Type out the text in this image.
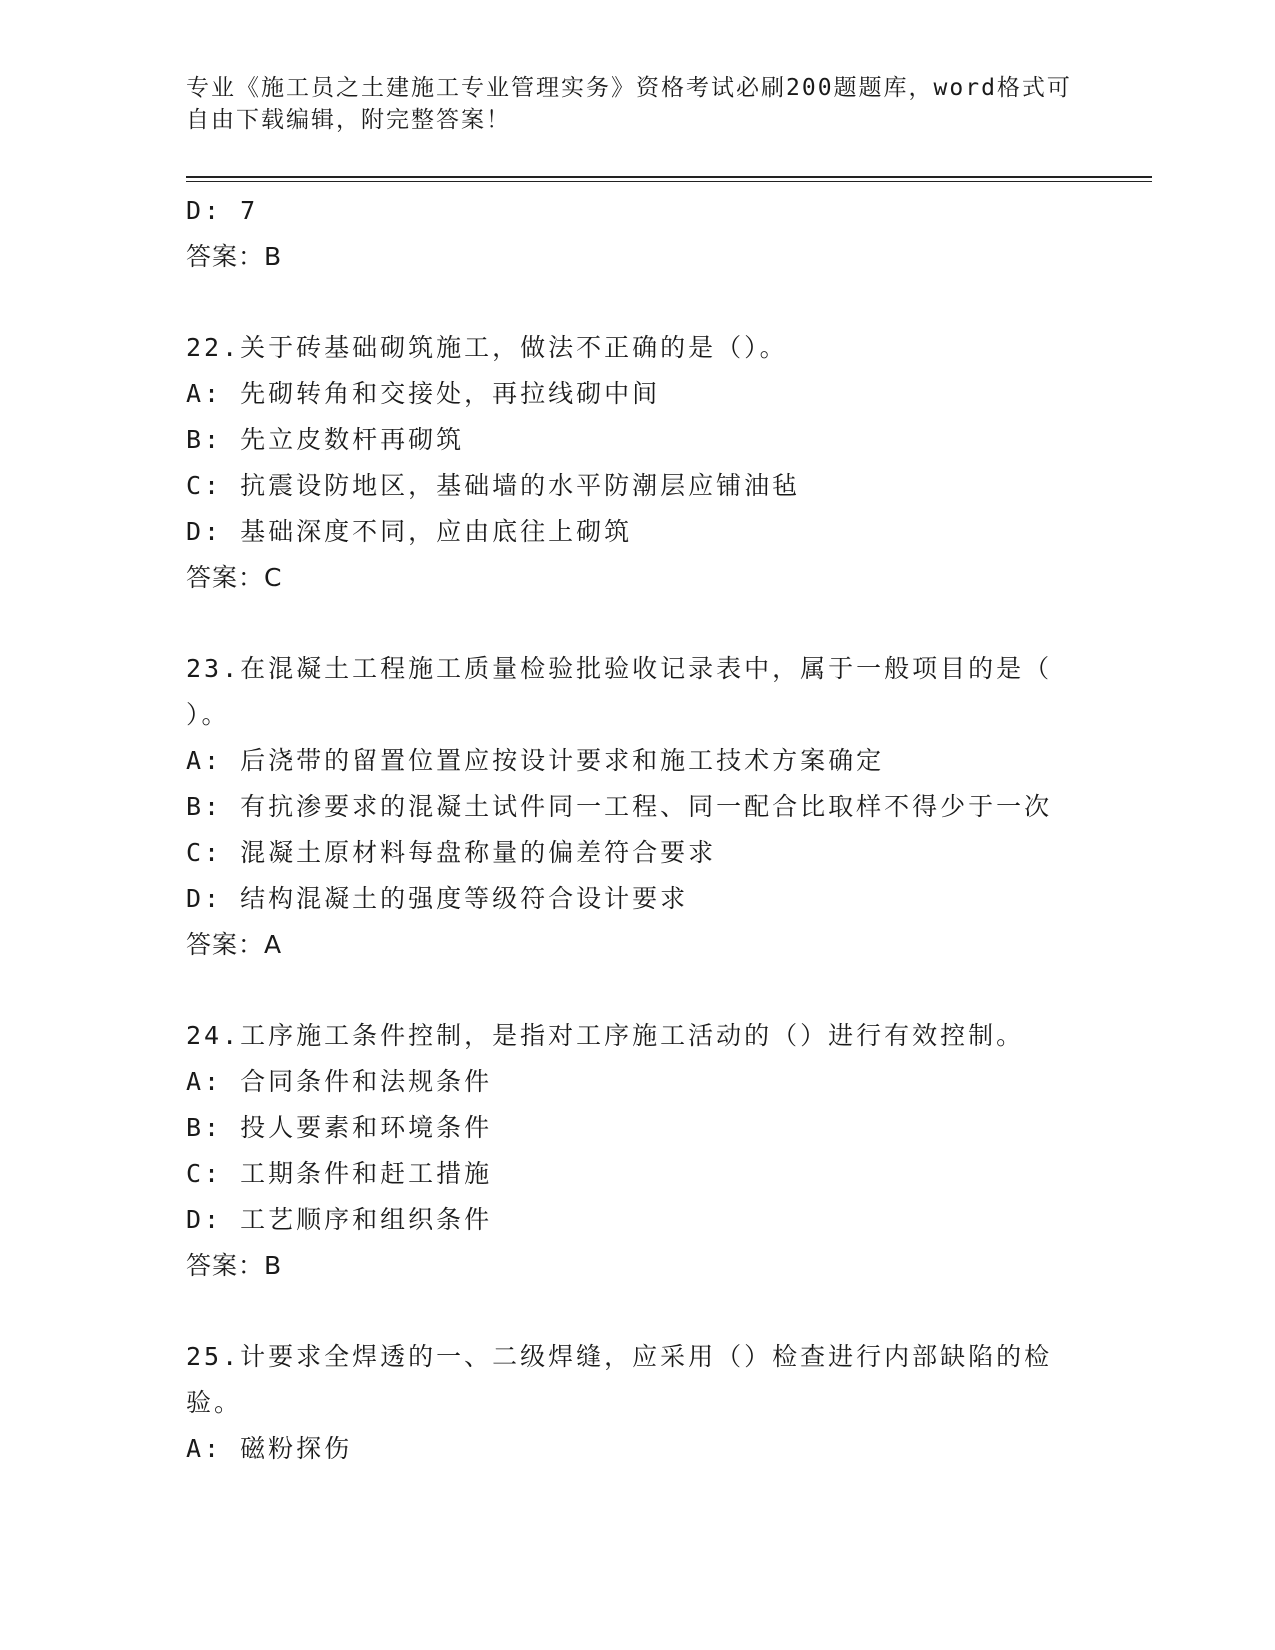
专业《施工员之土建施工专业管理实务》资格考试必刷200题题库，word格式可
自由下载编辑，附完整答案！
D: 7
答案：B
22.关于砖基础砌筑施工，做法不正确的是（）。
A: 先砌转角和交接处，再拉线砌中间
B: 先立皮数杆再砌筑
C: 抗震设防地区，基础墙的水平防潮层应铺油毡
D: 基础深度不同，应由底往上砌筑
答案：C
23.在混凝土工程施工质量检验批验收记录表中，属于一般项目的是（
）。
A: 后浇带的留置位置应按设计要求和施工技术方案确定
B: 有抗渗要求的混凝土试件同一工程、同一配合比取样不得少于一次
C: 混凝土原材料每盘称量的偏差符合要求
D: 结构混凝土的强度等级符合设计要求
答案：A
24.工序施工条件控制，是指对工序施工活动的（）进行有效控制。
A: 合同条件和法规条件
B: 投人要素和环境条件
C: 工期条件和赶工措施
D: 工艺顺序和组织条件
答案：B
25.计要求全焊透的一、二级焊缝，应采用（）检查进行内部缺陷的检
验。
A: 磁粉探伤
